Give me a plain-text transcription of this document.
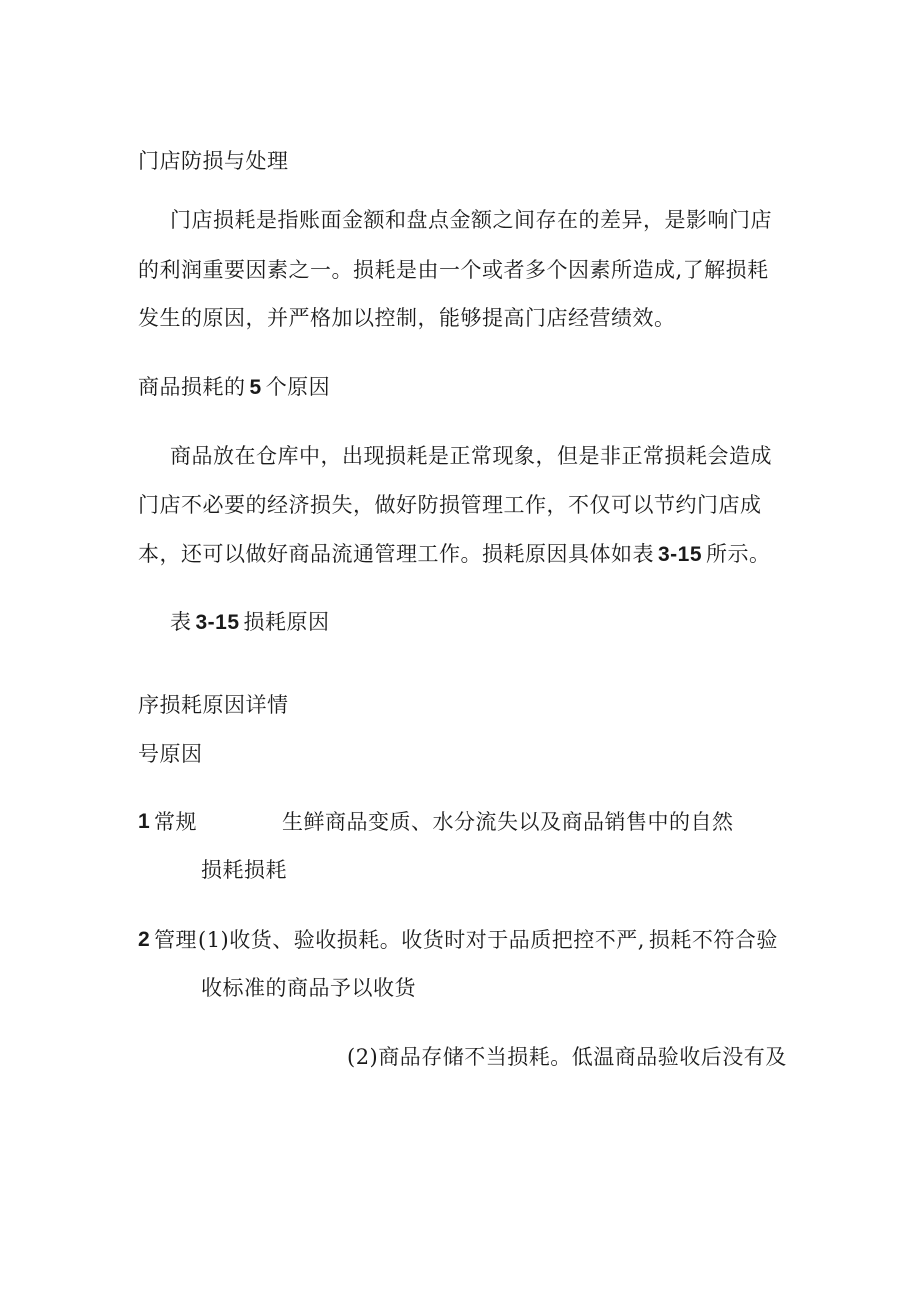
门店防损与处理
门店损耗是指账面金额和盘点金额之间存在的差异，是影响门店
的利润重要因素之一。损耗是由一个或者多个因素所造成,了解损耗
发生的原因，并严格加以控制，能够提高门店经营绩效。
商品损耗的 5 个原因
商品放在仓库中，出现损耗是正常现象，但是非正常损耗会造成
门店不必要的经济损失，做好防损管理工作，不仅可以节约门店成
本，还可以做好商品流通管理工作。损耗原因具体如表 3-15 所示。
表 3-15 损耗原因
序损耗原因详情
号原因
1 常规	生鲜商品变质、水分流失以及商品销售中的自然
损耗损耗
2 管理 (1)收货、验收损耗。收货时对于品质把控不严, 损耗不符合验
收标准的商品予以收货
(2)商品存储不当损耗。低温商品验收后没有及
